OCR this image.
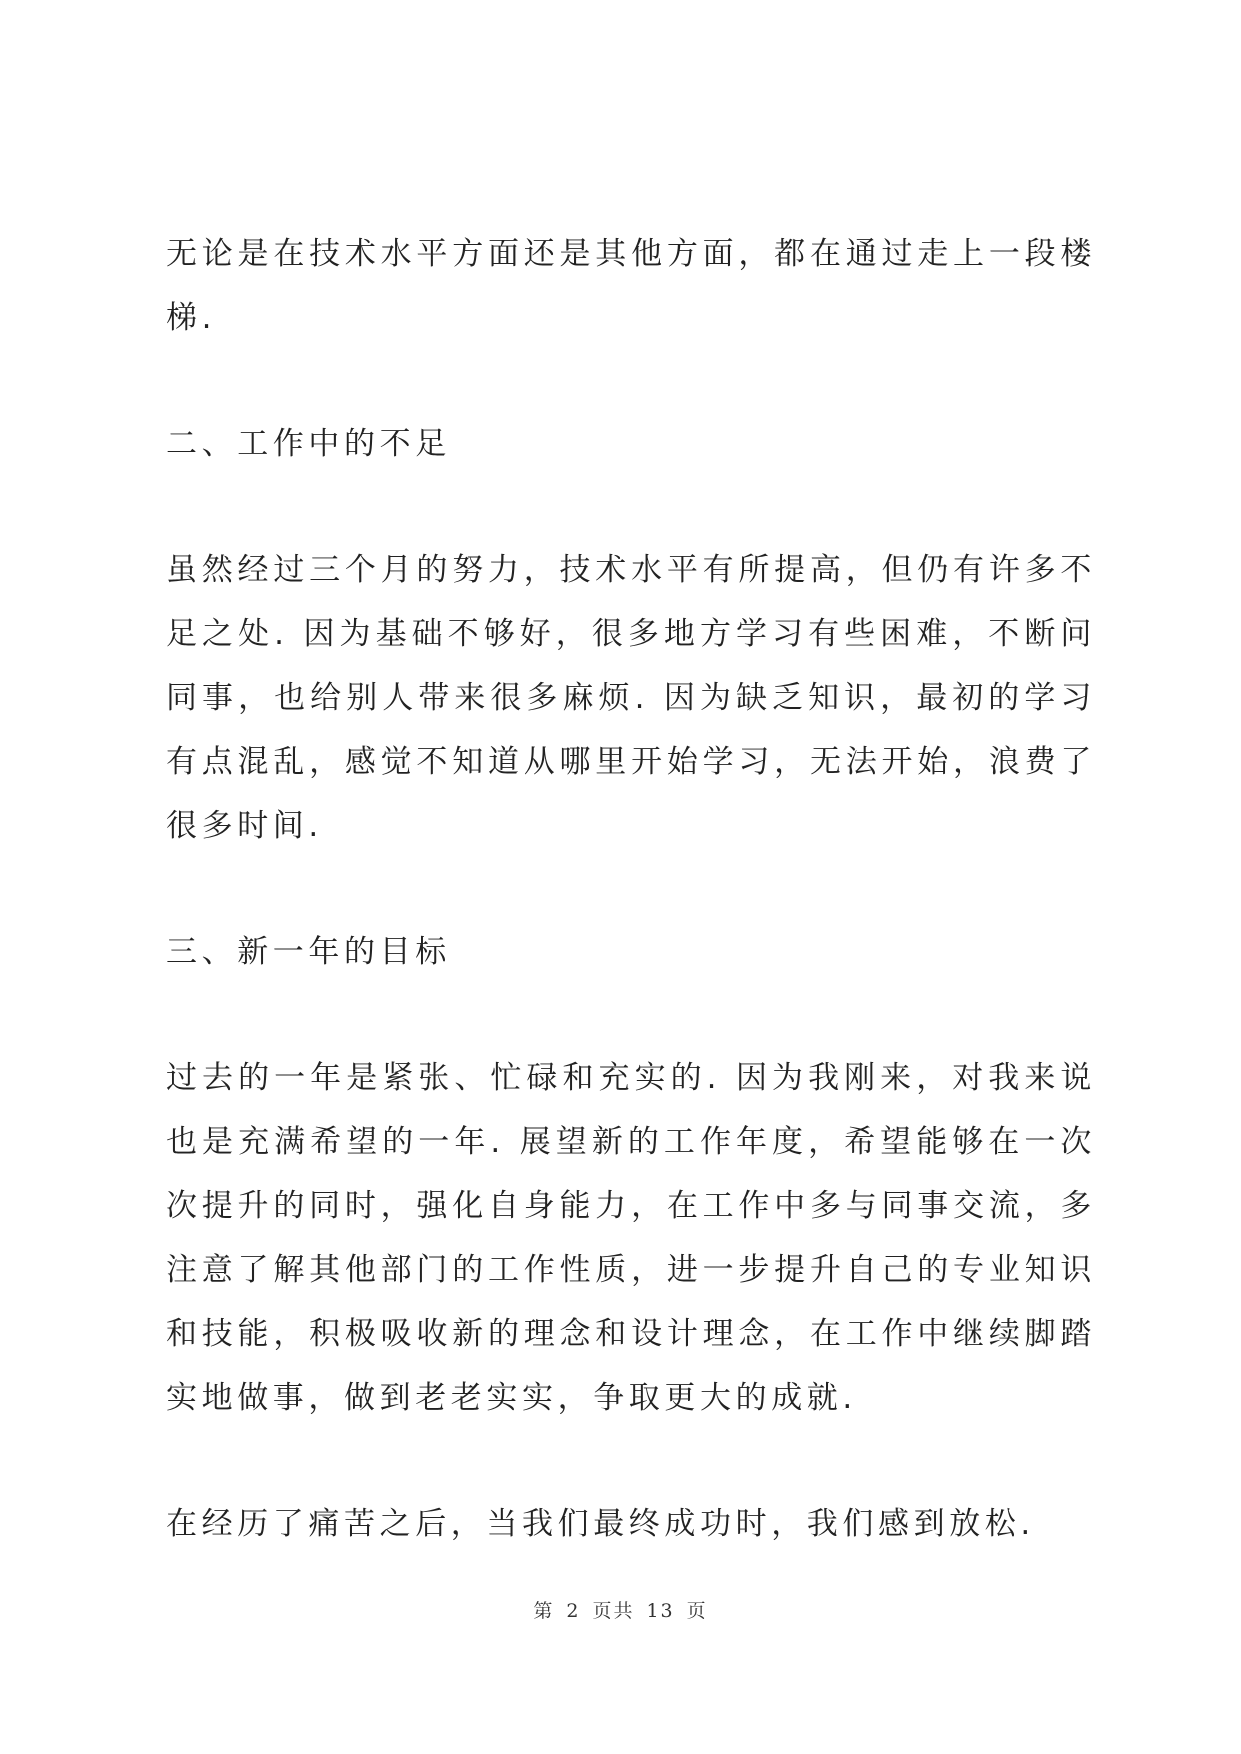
无论是在技术水平方面还是其他方面，都在通过走上一段楼梯.

二、工作中的不足

虽然经过三个月的努力，技术水平有所提高，但仍有许多不足之处. 因为基础不够好，很多地方学习有些困难，不断问同事，也给别人带来很多麻烦. 因为缺乏知识，最初的学习有点混乱，感觉不知道从哪里开始学习，无法开始，浪费了很多时间.

三、新一年的目标

过去的一年是紧张、忙碌和充实的. 因为我刚来，对我来说也是充满希望的一年. 展望新的工作年度，希望能够在一次次提升的同时，强化自身能力，在工作中多与同事交流，多注意了解其他部门的工作性质，进一步提升自己的专业知识和技能，积极吸收新的理念和设计理念，在工作中继续脚踏实地做事，做到老老实实，争取更大的成就.

在经历了痛苦之后，当我们最终成功时，我们感到放松.

第 2 页共 13 页
